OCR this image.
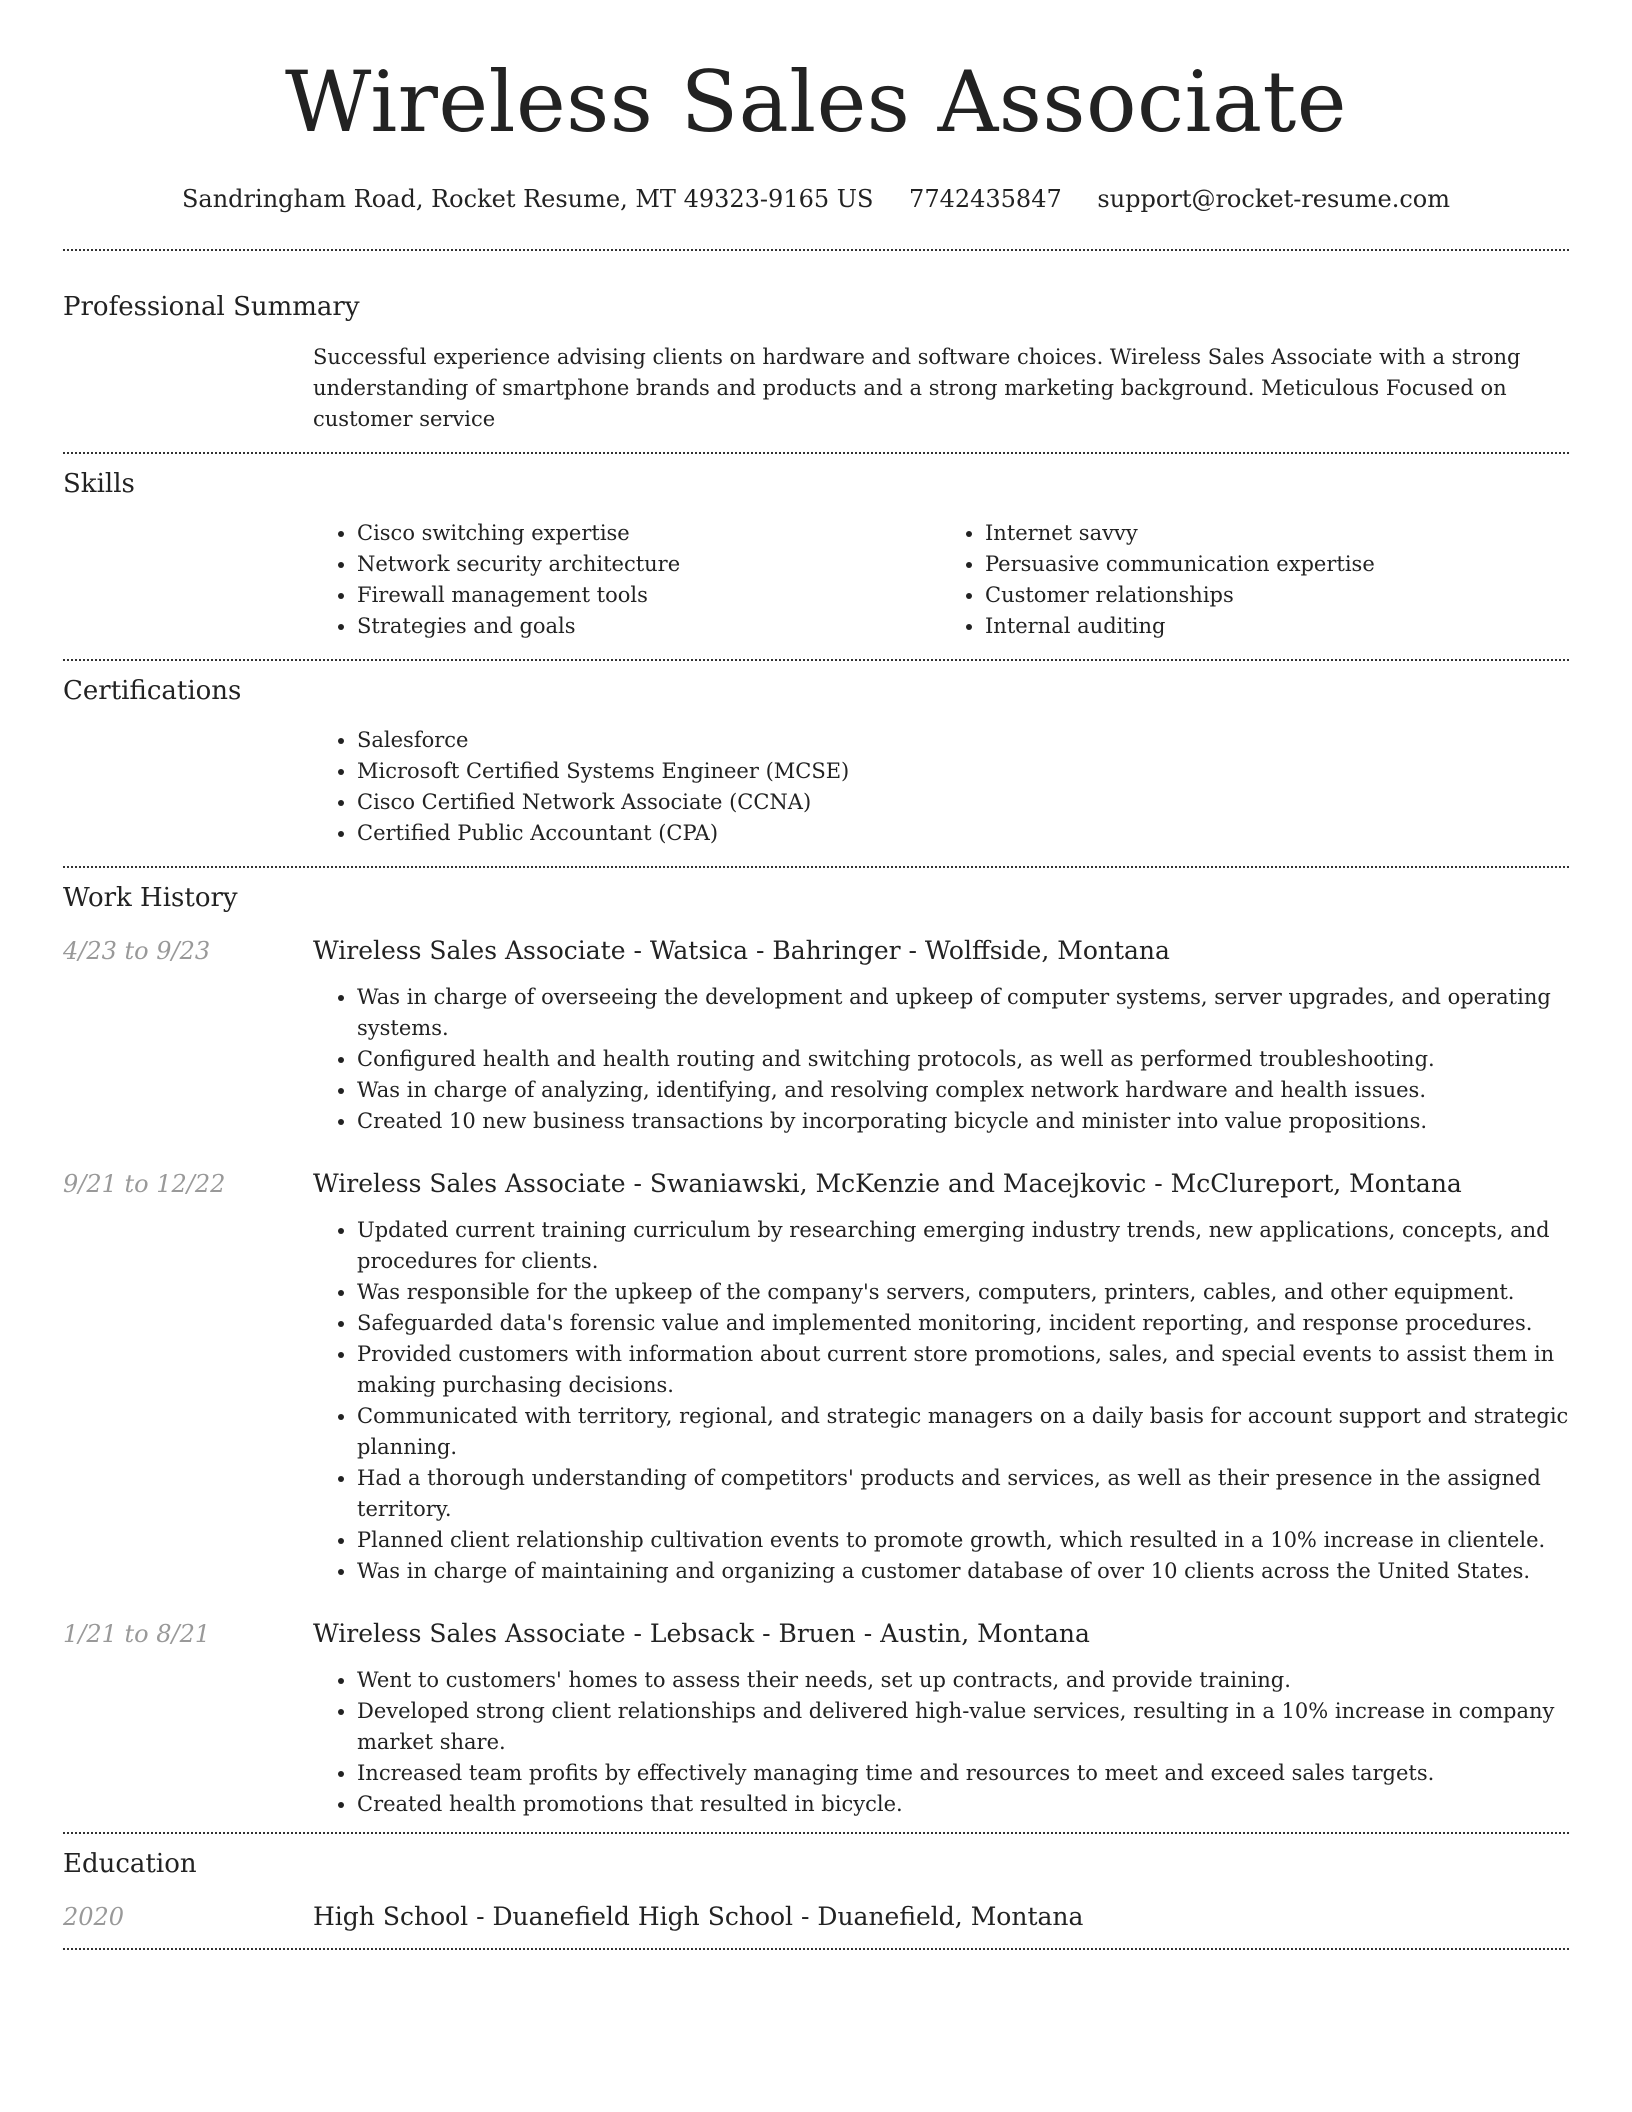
Wireless Sales Associate
Sandringham Road, Rocket Resume, MT 49323-9165 US 7742435847 support@rocket-resume.com
Professional Summary
Successful experience advising clients on hardware and software choices. Wireless Sales Associate with a strong understanding of smartphone brands and products and a strong marketing background. Meticulous Focused on customer service
Skills
• Cisco switching expertise
• Network security architecture
• Firewall management tools
• Strategies and goals
• Internet savvy
• Persuasive communication expertise
• Customer relationships
• Internal auditing
Certifications
• Salesforce
• Microsoft Certified Systems Engineer (MCSE)
• Cisco Certified Network Associate (CCNA)
• Certified Public Accountant (CPA)
Work History
4/23 to 9/23	Wireless Sales Associate - Watsica - Bahringer - Wolffside, Montana
• Was in charge of overseeing the development and upkeep of computer systems, server upgrades, and operating systems.
• Configured health and health routing and switching protocols, as well as performed troubleshooting.
• Was in charge of analyzing, identifying, and resolving complex network hardware and health issues.
• Created 10 new business transactions by incorporating bicycle and minister into value propositions.
9/21 to 12/22	Wireless Sales Associate - Swaniawski, McKenzie and Macejkovic - McClureport, Montana
• Updated current training curriculum by researching emerging industry trends, new applications, concepts, and procedures for clients.
• Was responsible for the upkeep of the company's servers, computers, printers, cables, and other equipment.
• Safeguarded data's forensic value and implemented monitoring, incident reporting, and response procedures.
• Provided customers with information about current store promotions, sales, and special events to assist them in making purchasing decisions.
• Communicated with territory, regional, and strategic managers on a daily basis for account support and strategic planning.
• Had a thorough understanding of competitors' products and services, as well as their presence in the assigned territory.
• Planned client relationship cultivation events to promote growth, which resulted in a 10% increase in clientele.
• Was in charge of maintaining and organizing a customer database of over 10 clients across the United States.
1/21 to 8/21	Wireless Sales Associate - Lebsack - Bruen - Austin, Montana
• Went to customers' homes to assess their needs, set up contracts, and provide training.
• Developed strong client relationships and delivered high-value services, resulting in a 10% increase in company market share.
• Increased team profits by effectively managing time and resources to meet and exceed sales targets.
• Created health promotions that resulted in bicycle.
Education
2020	High School - Duanefield High School - Duanefield, Montana
